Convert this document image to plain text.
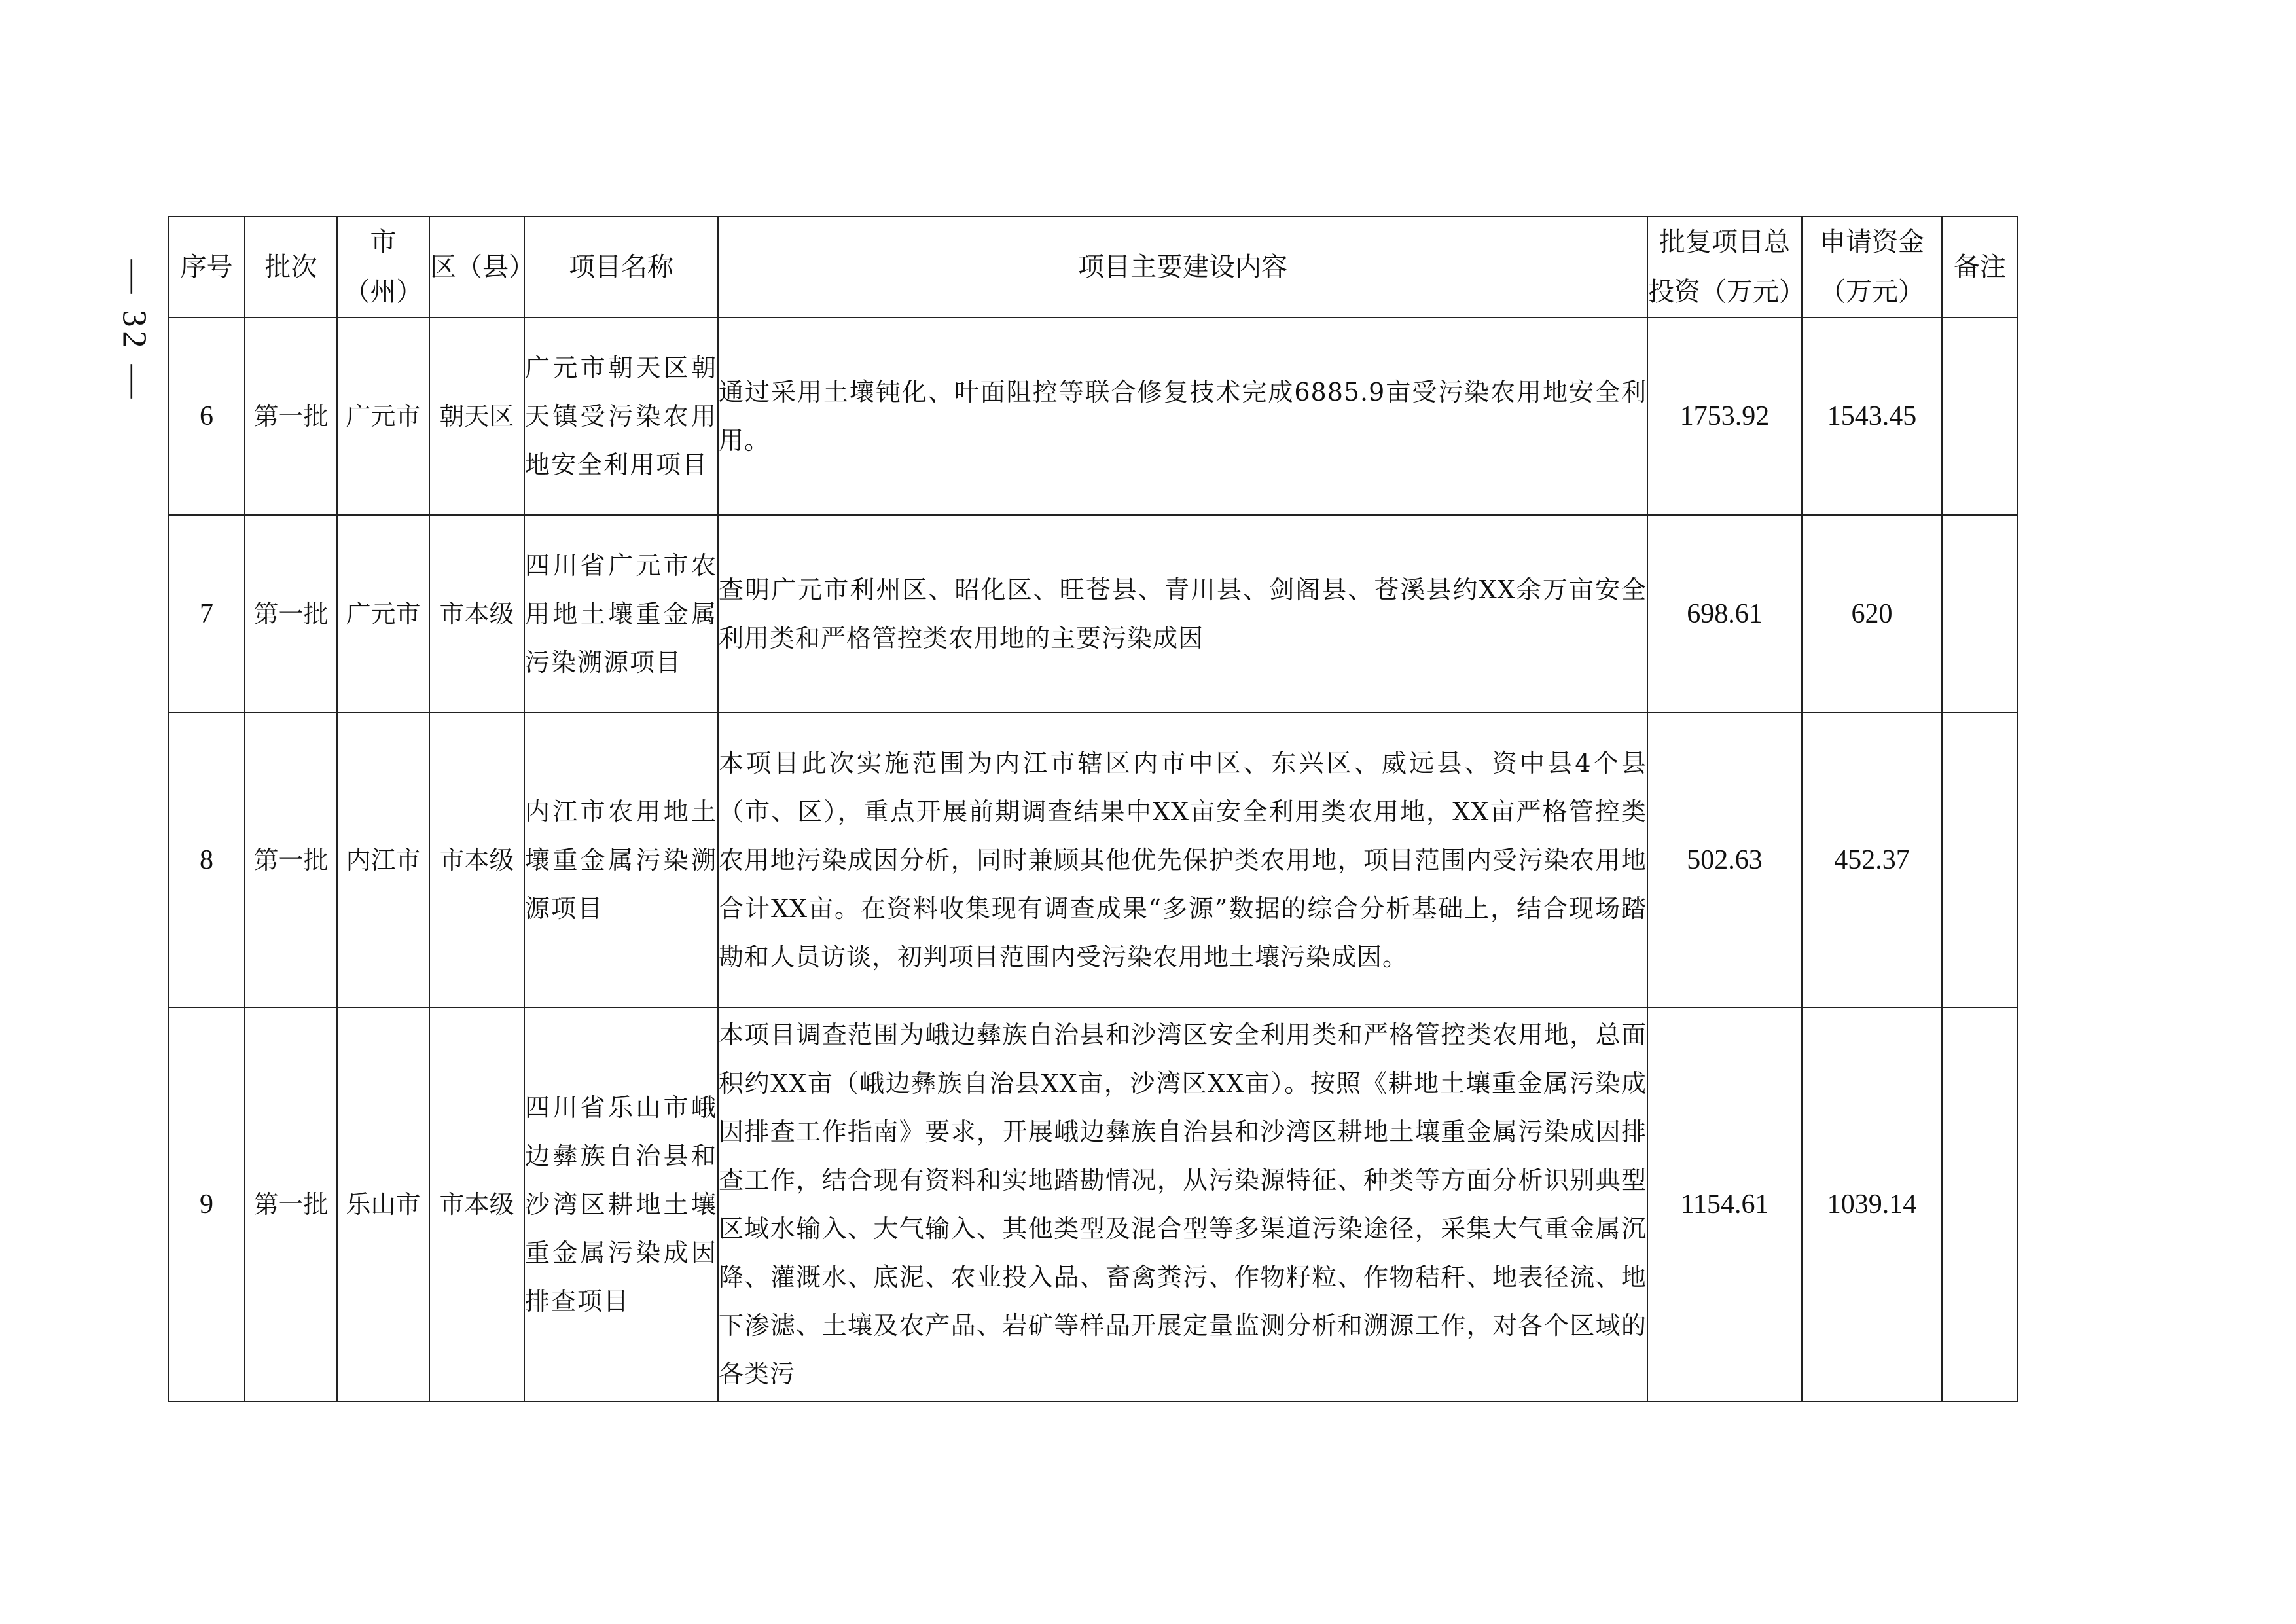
— 32 — 序号	批次	市（州）	区（县）	项目名称	项目主要建设内容	批复项目总投资（万元）	申请资金（万元）	备注
6	第一批	广元市	朝天区	广元市朝天区朝天镇受污染农用地安全利用项目	通过采用土壤钝化、叶面阻控等联合修复技术完成6885.9亩受污染农用地安全利用。	1753.92	1543.45	
7	第一批	广元市	市本级	四川省广元市农用地土壤重金属污染溯源项目	查明广元市利州区、昭化区、旺苍县、青川县、剑阁县、苍溪县约XX余万亩安全利用类和严格管控类农用地的主要污染成因	698.61	620	
8	第一批	内江市	市本级	内江市农用地土壤重金属污染溯源项目	本项目此次实施范围为内江市辖区内市中区、东兴区、威远县、资中县4个县（市、区），重点开展前期调查结果中XX亩安全利用类农用地，XX亩严格管控类农用地污染成因分析，同时兼顾其他优先保护类农用地，项目范围内受污染农用地合计XX亩。在资料收集现有调查成果“多源”数据的综合分析基础上，结合现场踏勘和人员访谈，初判项目范围内受污染农用地土壤污染成因。	502.63	452.37	
9	第一批	乐山市	市本级	四川省乐山市峨边彝族自治县和沙湾区耕地土壤重金属污染成因排查项目	本项目调查范围为峨边彝族自治县和沙湾区安全利用类和严格管控类农用地，总面积约XX亩（峨边彝族自治县XX亩，沙湾区XX亩）。按照《耕地土壤重金属污染成因排查工作指南》要求，开展峨边彝族自治县和沙湾区耕地土壤重金属污染成因排查工作，结合现有资料和实地踏勘情况，从污染源特征、种类等方面分析识别典型区域水输入、大气输入、其他类型及混合型等多渠道污染途径，采集大气重金属沉降、灌溉水、底泥、农业投入品、畜禽粪污、作物籽粒、作物秸秆、地表径流、地下渗滤、土壤及农产品、岩矿等样品开展定量监测分析和溯源工作，对各个区域的各类污	1154.61	1039.14	
